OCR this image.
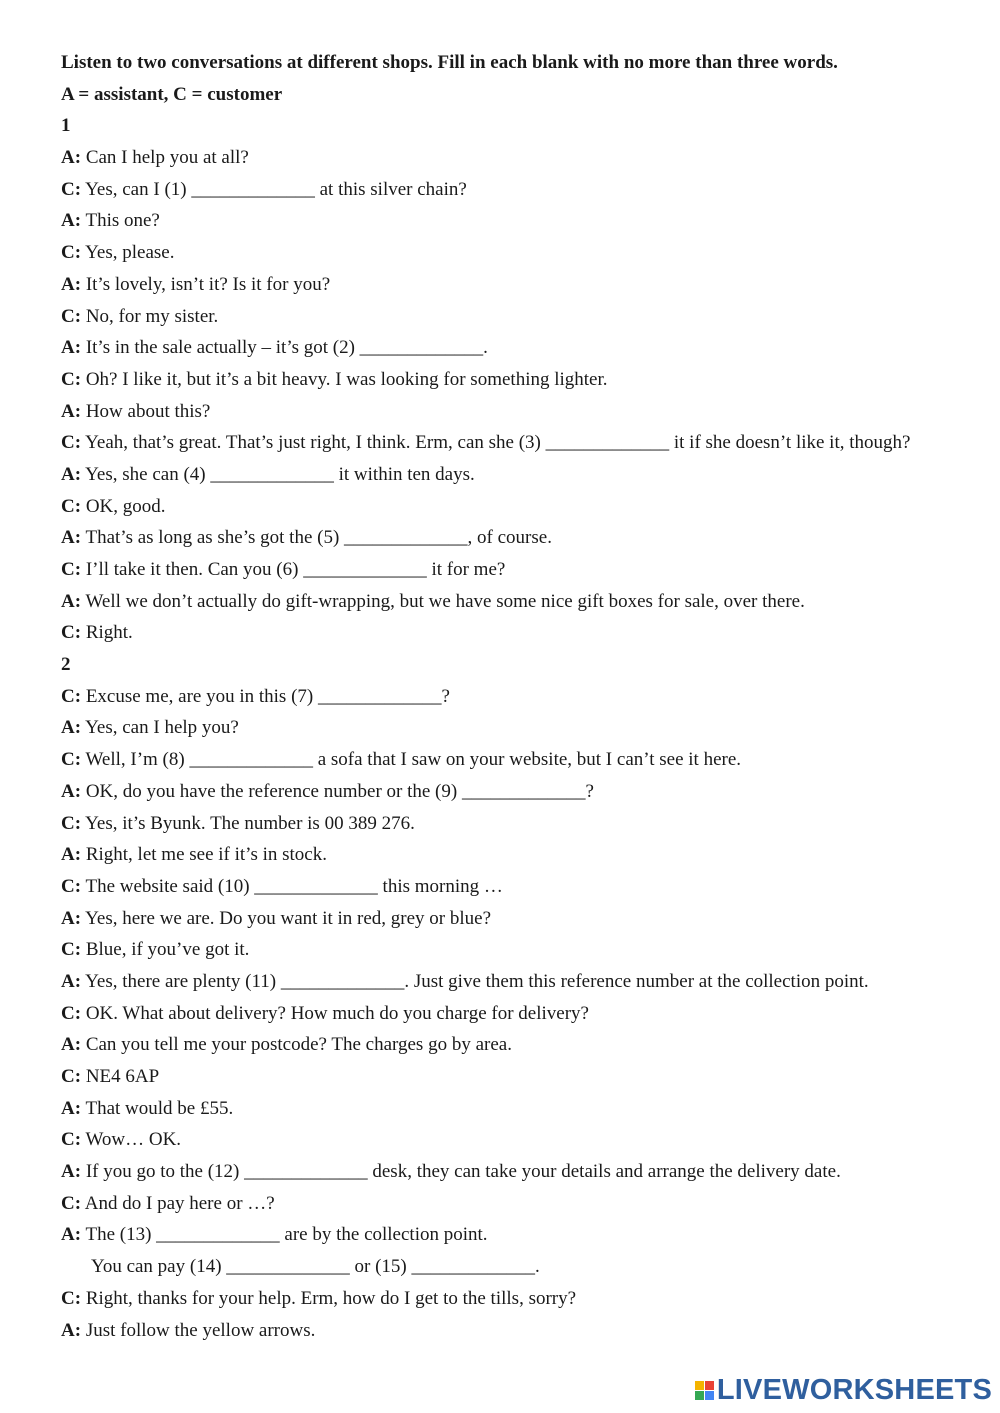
Listen to two conversations at different shops. Fill in each blank with no more than three words.
A = assistant, C = customer
1
A: Can I help you at all?
C: Yes, can I (1) _____________ at this silver chain?
A: This one?
C: Yes, please.
A: It’s lovely, isn’t it? Is it for you?
C: No, for my sister.
A: It’s in the sale actually – it’s got (2) _____________.
C: Oh? I like it, but it’s a bit heavy. I was looking for something lighter.
A: How about this?
C: Yeah, that’s great. That’s just right, I think. Erm, can she (3) _____________ it if she doesn’t like it, though?
A: Yes, she can (4) _____________ it within ten days.
C: OK, good.
A: That’s as long as she’s got the (5) _____________, of course.
C: I’ll take it then. Can you (6) _____________ it for me?
A: Well we don’t actually do gift-wrapping, but we have some nice gift boxes for sale, over there.
C: Right.
2
C: Excuse me, are you in this (7) _____________?
A: Yes, can I help you?
C: Well, I’m (8) _____________ a sofa that I saw on your website, but I can’t see it here.
A: OK, do you have the reference number or the (9) _____________?
C: Yes, it’s Byunk. The number is 00 389 276.
A: Right, let me see if it’s in stock.
C: The website said (10) _____________ this morning …
A: Yes, here we are. Do you want it in red, grey or blue?
C: Blue, if you’ve got it.
A: Yes, there are plenty (11) _____________. Just give them this reference number at the collection point.
C: OK. What about delivery? How much do you charge for delivery?
A: Can you tell me your postcode? The charges go by area.
C: NE4 6AP
A: That would be £55.
C: Wow… OK.
A: If you go to the (12) _____________ desk, they can take your details and arrange the delivery date.
C: And do I pay here or …?
A: The (13) _____________ are by the collection point.
You can pay (14) _____________ or (15) _____________.
C: Right, thanks for your help. Erm, how do I get to the tills, sorry?
A: Just follow the yellow arrows.
LIVEWORKSHEETS
